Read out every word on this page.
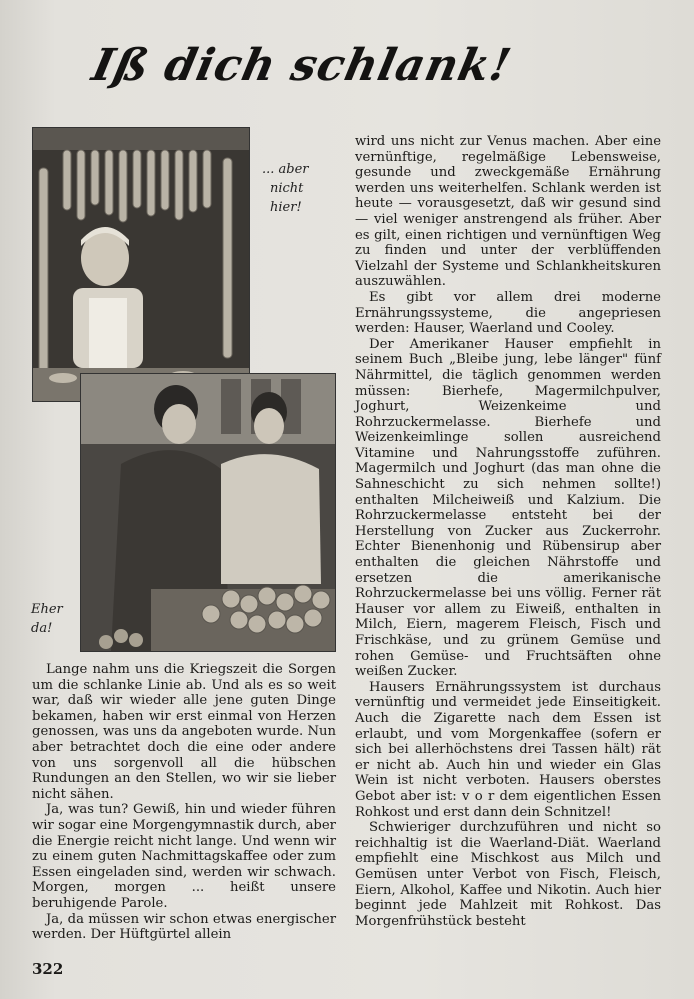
Iß dich schlank!
... aber
nicht
hier!
Eher
da!

Lange nahm uns die Kriegszeit die Sorgen um die schlanke Linie ab. Und als es so weit war, daß wir wieder alle jene guten Dinge bekamen, haben wir erst einmal von Herzen genossen, was uns da angeboten wurde. Nun aber betrachtet doch die eine oder andere von uns sorgenvoll all die hübschen Rundungen an den Stellen, wo wir sie lieber nicht sähen.

Ja, was tun? Gewiß, hin und wieder führen wir sogar eine Morgengymnastik durch, aber die Energie reicht nicht lange. Und wenn wir zu einem guten Nachmittagskaffee oder zum Essen eingeladen sind, werden wir schwach. Morgen, morgen ... heißt unsere beruhigende Parole.

Ja, da müssen wir schon etwas energischer werden. Der Hüftgürtel allein

wird uns nicht zur Venus machen. Aber eine vernünftige, regelmäßige Lebensweise, gesunde und zweckgemäße Ernährung werden uns weiterhelfen. Schlank werden ist heute — vorausgesetzt, daß wir gesund sind — viel weniger anstrengend als früher. Aber es gilt, einen richtigen und vernünftigen Weg zu finden und unter der verblüffenden Vielzahl der Systeme und Schlankheitskuren auszuwählen.

Es gibt vor allem drei moderne Ernährungssysteme, die angepriesen werden: Hauser, Waerland und Cooley.

Der Amerikaner Hauser empfiehlt in seinem Buch „Bleibe jung, lebe länger" fünf Nährmittel, die täglich genommen werden müssen: Bierhefe, Magermilchpulver, Joghurt, Weizenkeime und Rohrzuckermelasse. Bierhefe und Weizenkeimlinge sollen ausreichend Vitamine und Nahrungsstoffe zuführen. Magermilch und Joghurt (das man ohne die Sahneschicht zu sich nehmen sollte!) enthalten Milcheiweiß und Kalzium. Die Rohrzuckermelasse entsteht bei der Herstellung von Zucker aus Zuckerrohr. Echter Bienenhonig und Rübensirup aber enthalten die gleichen Nährstoffe und ersetzen die amerikanische Rohrzuckermelasse bei uns völlig. Ferner rät Hauser vor allem zu Eiweiß, enthalten in Milch, Eiern, magerem Fleisch, Fisch und Frischkäse, und zu grünem Gemüse und rohen Gemüse- und Fruchtsäften ohne weißen Zucker.

Hausers Ernährungssystem ist durchaus vernünftig und vermeidet jede Einseitigkeit. Auch die Zigarette nach dem Essen ist erlaubt, und vom Morgenkaffee (sofern er sich bei allerhöchstens drei Tassen hält) rät er nicht ab. Auch hin und wieder ein Glas Wein ist nicht verboten. Hausers oberstes Gebot aber ist: v o r dem eigentlichen Essen Rohkost und erst dann dein Schnitzel!

Schwieriger durchzuführen und nicht so reichhaltig ist die Waerland-Diät. Waerland empfiehlt eine Mischkost aus Milch und Gemüsen unter Verbot von Fisch, Fleisch, Eiern, Alkohol, Kaffee und Nikotin. Auch hier beginnt jede Mahlzeit mit Rohkost. Das Morgenfrühstück besteht

322
